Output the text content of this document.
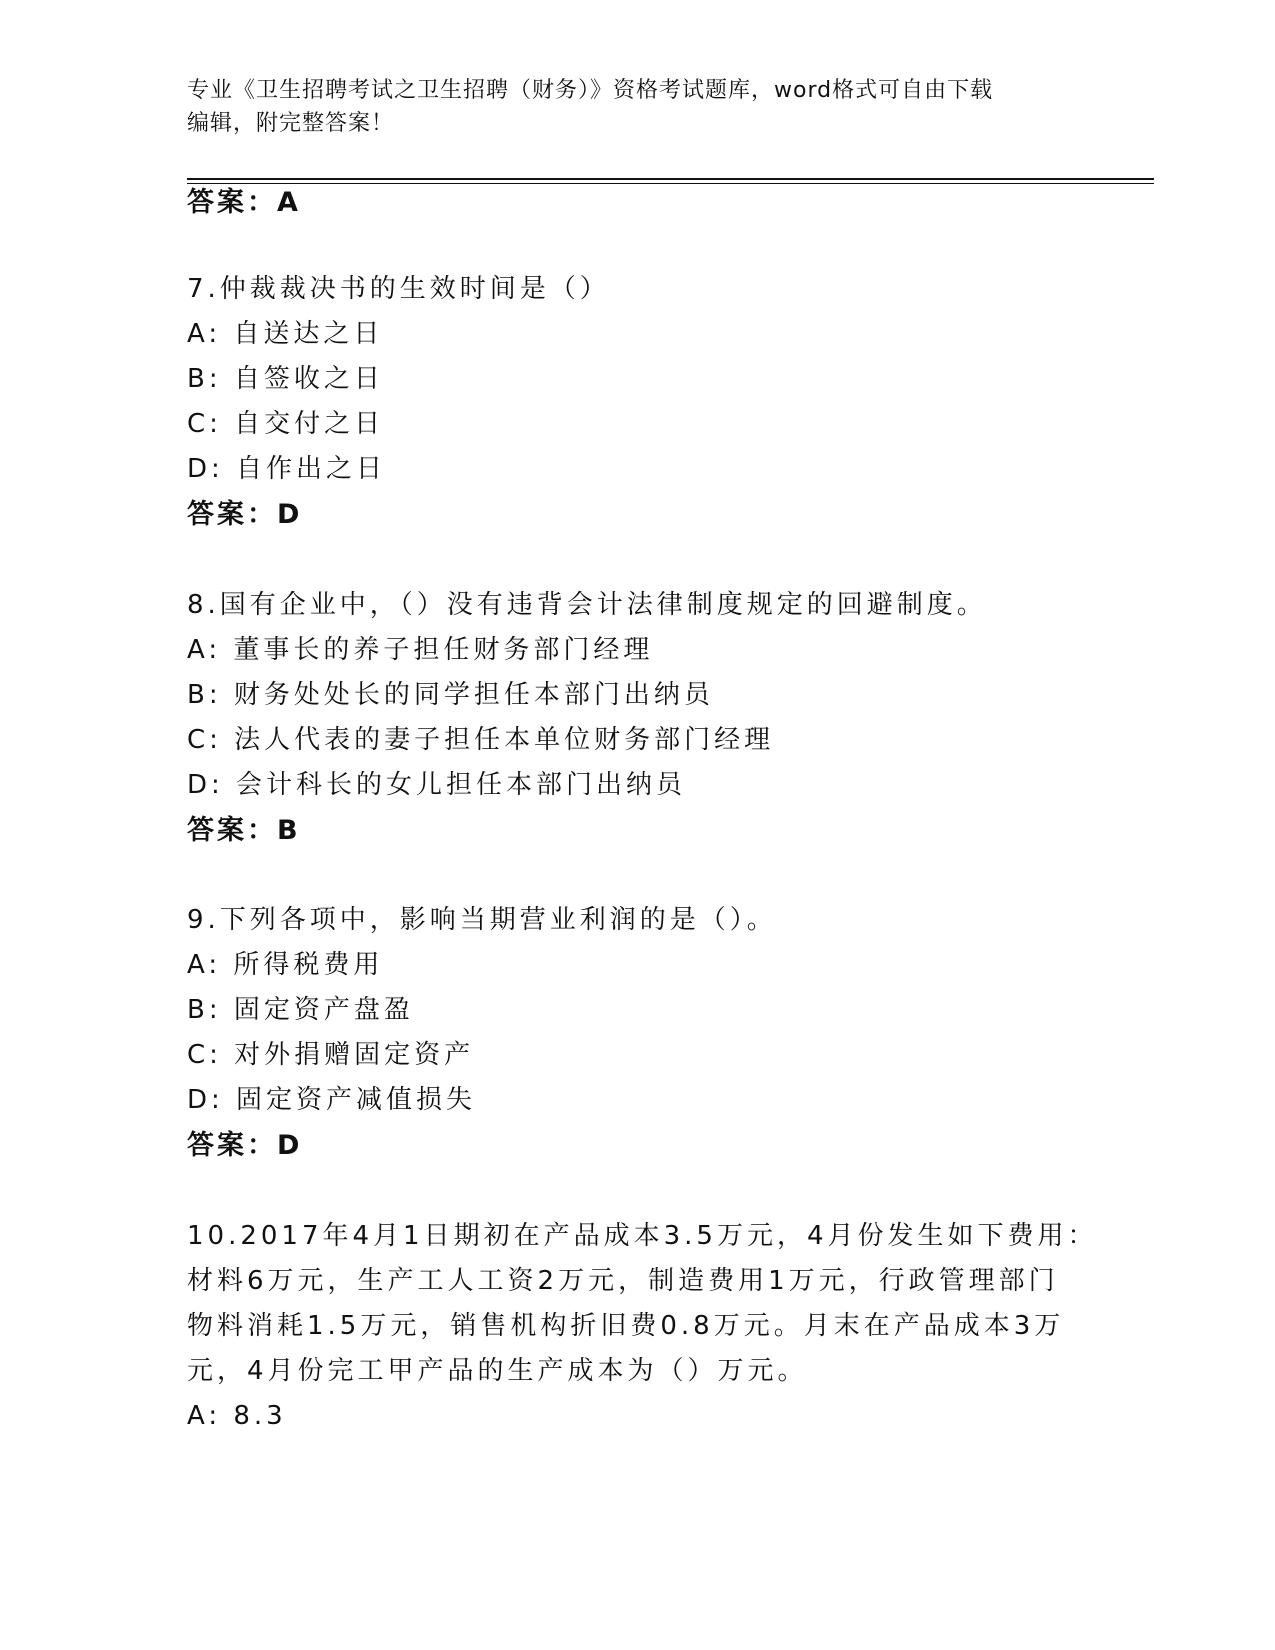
专业《卫生招聘考试之卫生招聘（财务）》资格考试题库，word格式可自由下载
编辑，附完整答案！
答案：A
7.仲裁裁决书的生效时间是（）
A: 自送达之日
B: 自签收之日
C: 自交付之日
D: 自作出之日
答案：D
8.国有企业中，（）没有违背会计法律制度规定的回避制度。
A: 董事长的养子担任财务部门经理
B: 财务处处长的同学担任本部门出纳员
C: 法人代表的妻子担任本单位财务部门经理
D: 会计科长的女儿担任本部门出纳员
答案：B
9.下列各项中，影响当期营业利润的是（）。
A: 所得税费用
B: 固定资产盘盈
C: 对外捐赠固定资产
D: 固定资产减值损失
答案：D
10.2017年4月1日期初在产品成本3.5万元，4月份发生如下费用：
材料6万元，生产工人工资2万元，制造费用1万元，行政管理部门
物料消耗1.5万元，销售机构折旧费0.8万元。月末在产品成本3万
元，4月份完工甲产品的生产成本为（）万元。
A: 8.3
